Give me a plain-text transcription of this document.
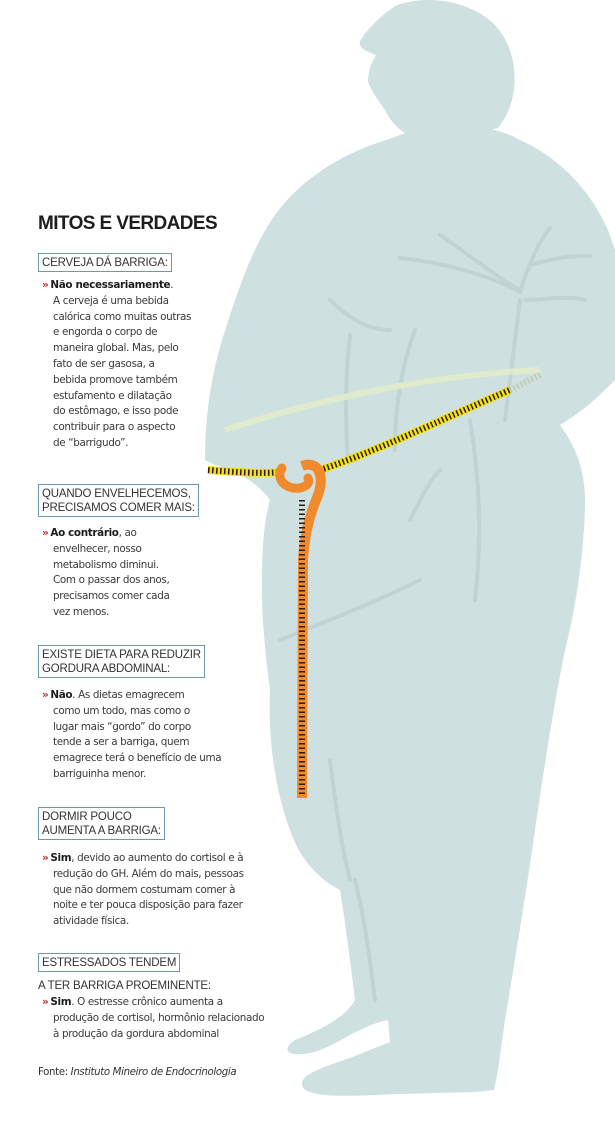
MITOS E VERDADES
CERVEJA DÁ BARRIGA:
» Não necessariamente.
A cerveja é uma bebida
calórica como muitas outras
e engorda o corpo de
maneira global. Mas, pelo
fato de ser gasosa, a
bebida promove também
estufamento e dilatação
do estômago, e isso pode
contribuir para o aspecto
de “barrigudo”.
QUANDO ENVELHECEMOS,
PRECISAMOS COMER MAIS:
» Ao contrário, ao
envelhecer, nosso
metabolismo diminui.
Com o passar dos anos,
precisamos comer cada
vez menos.
EXISTE DIETA PARA REDUZIR
GORDURA ABDOMINAL:
» Não. As dietas emagrecem
como um todo, mas como o
lugar mais “gordo” do corpo
tende a ser a barriga, quem
emagrece terá o benefício de uma
barriguinha menor.
DORMIR POUCO
AUMENTA A BARRIGA:
» Sim, devido ao aumento do cortisol e à
redução do GH. Além do mais, pessoas
que não dormem costumam comer à
noite e ter pouca disposição para fazer
atividade física.
ESTRESSADOS TENDEM
A TER BARRIGA PROEMINENTE:
» Sim. O estresse crônico aumenta a
produção de cortisol, hormônio relacionado
à produção da gordura abdominal
Fonte: Instituto Mineiro de Endocrinologia
